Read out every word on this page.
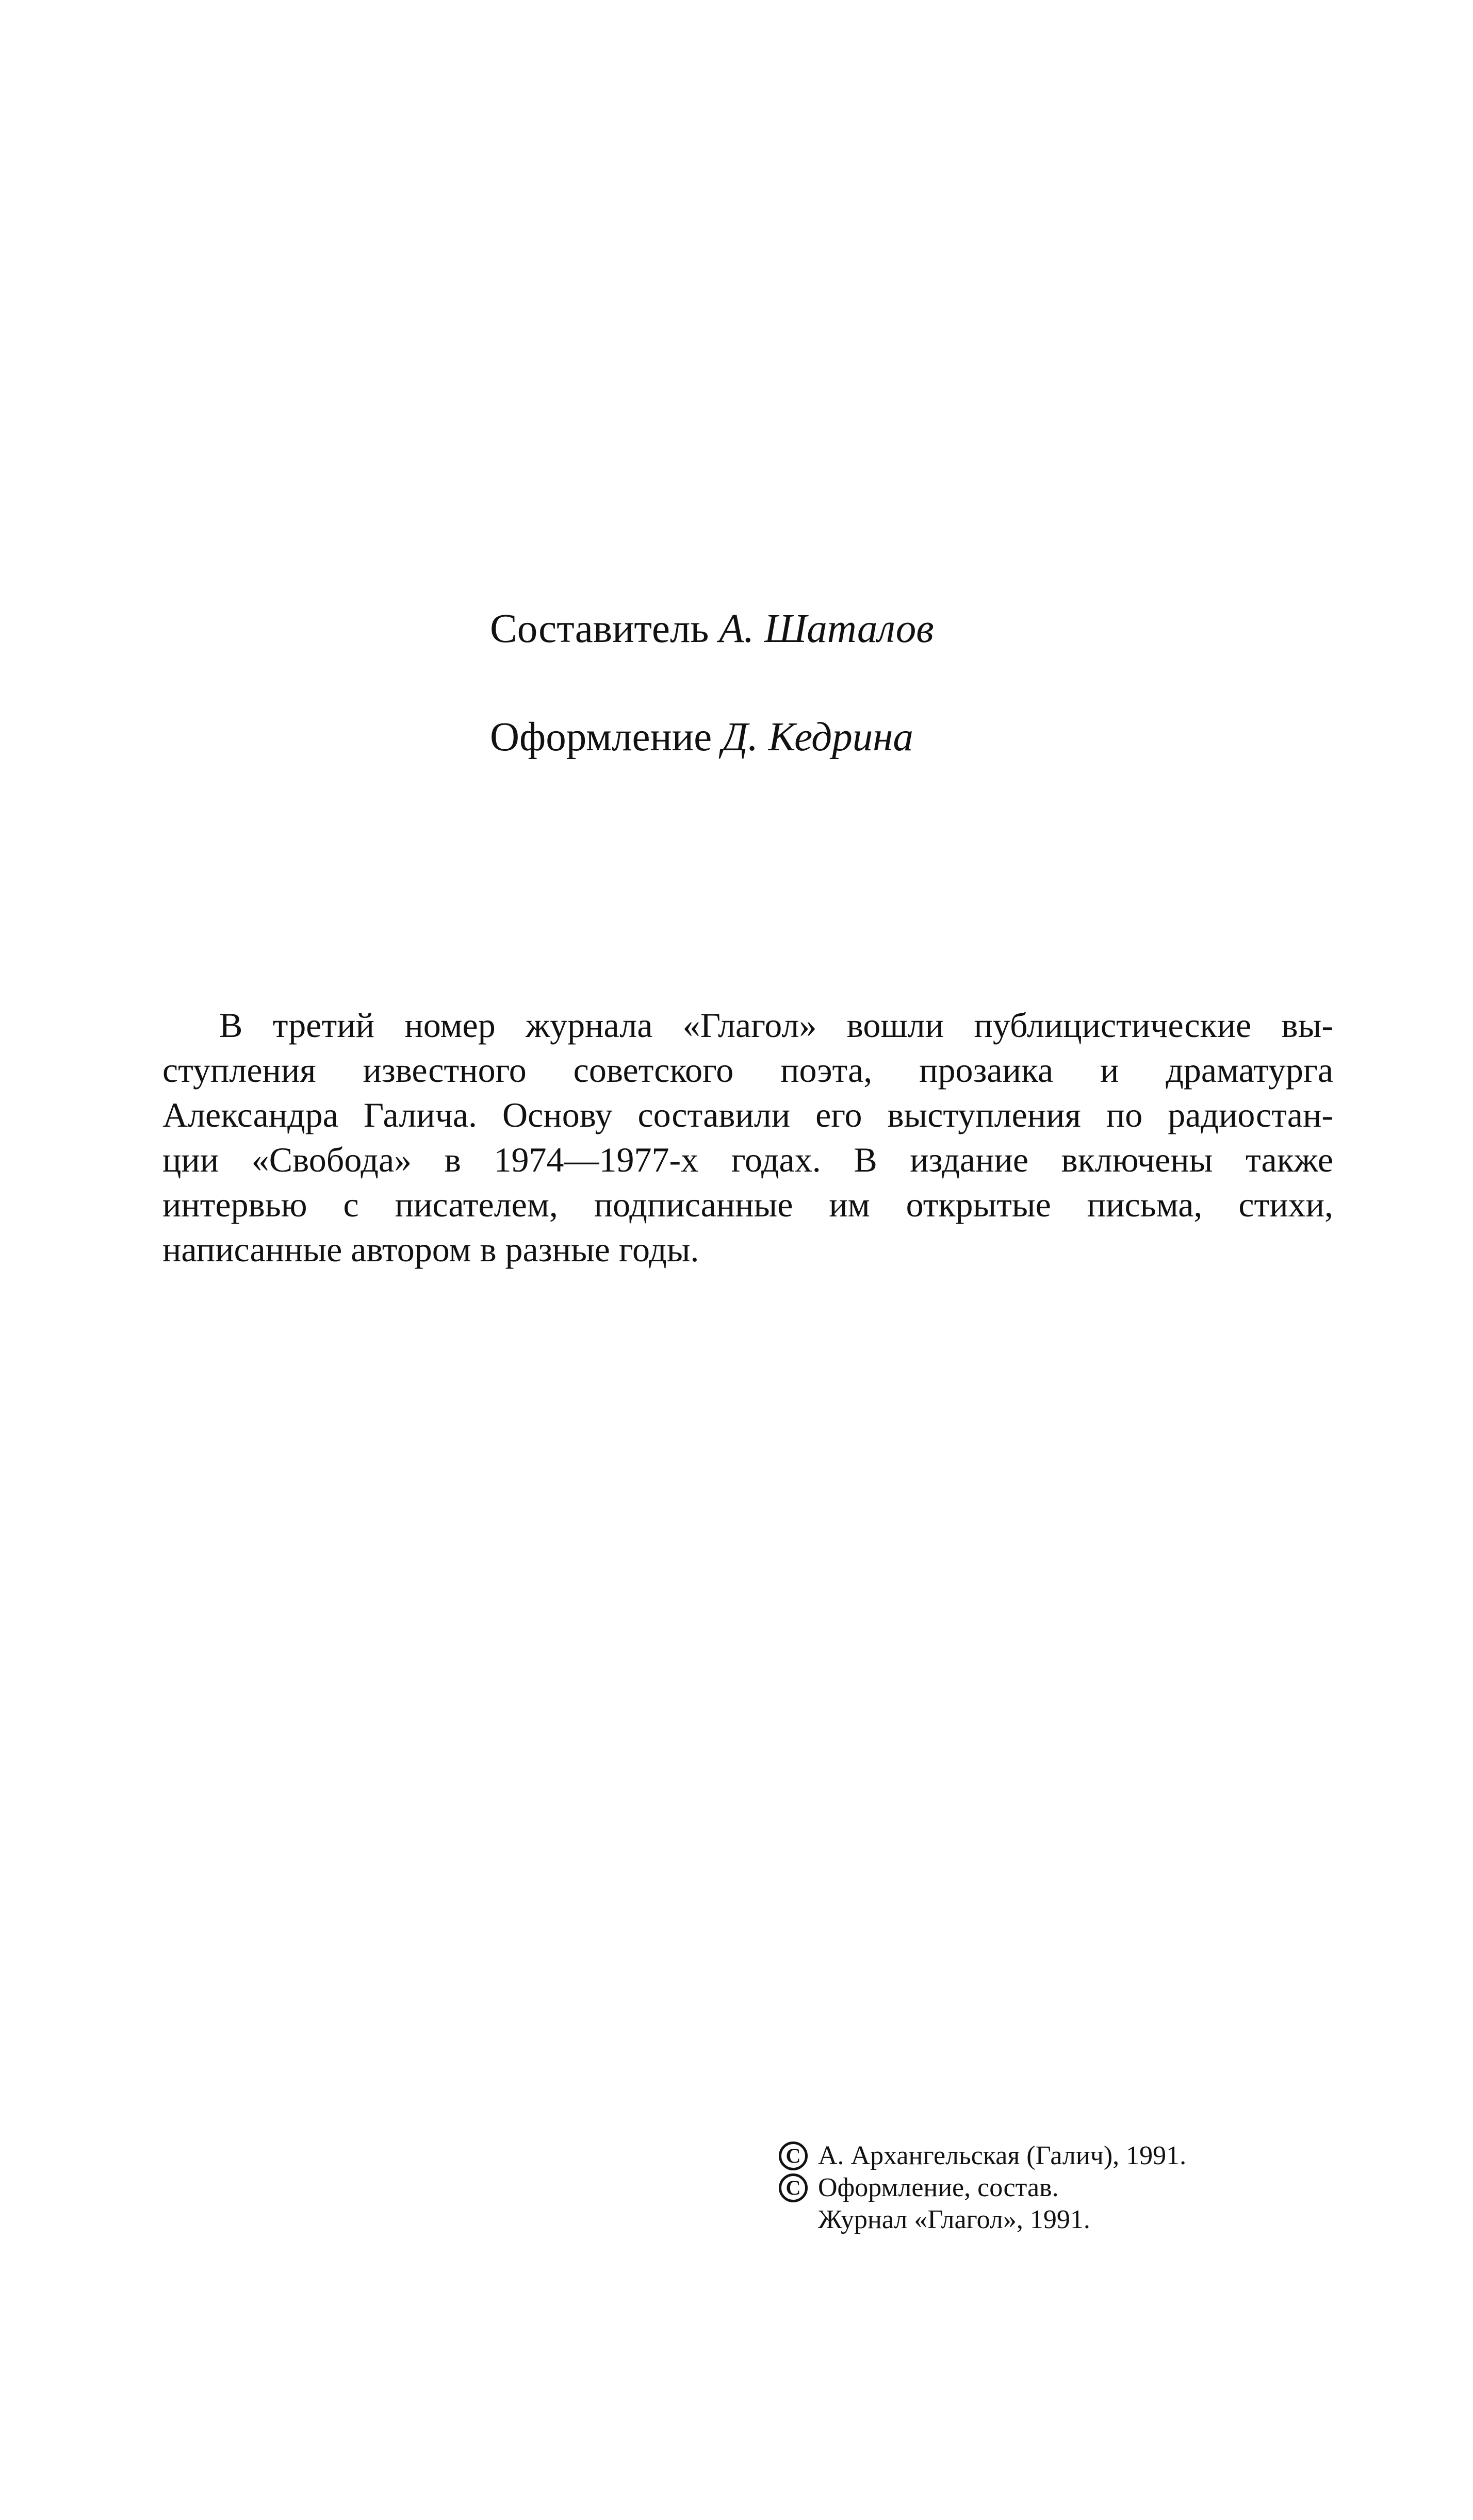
Составитель А. Шаталов
Оформление Д. Кедрина
В третий номер журнала «Глагол» вошли публицистические вы-
ступления известного советского поэта, прозаика и драматурга
Александра Галича. Основу составили его выступления по радиостан-
ции «Свобода» в 1974—1977-х годах. В издание включены также
интервью с писателем, подписанные им открытые письма, стихи,
написанные автором в разные годы.
C А. Архангельская (Галич), 1991.
C Оформление, состав.
Журнал «Глагол», 1991.
